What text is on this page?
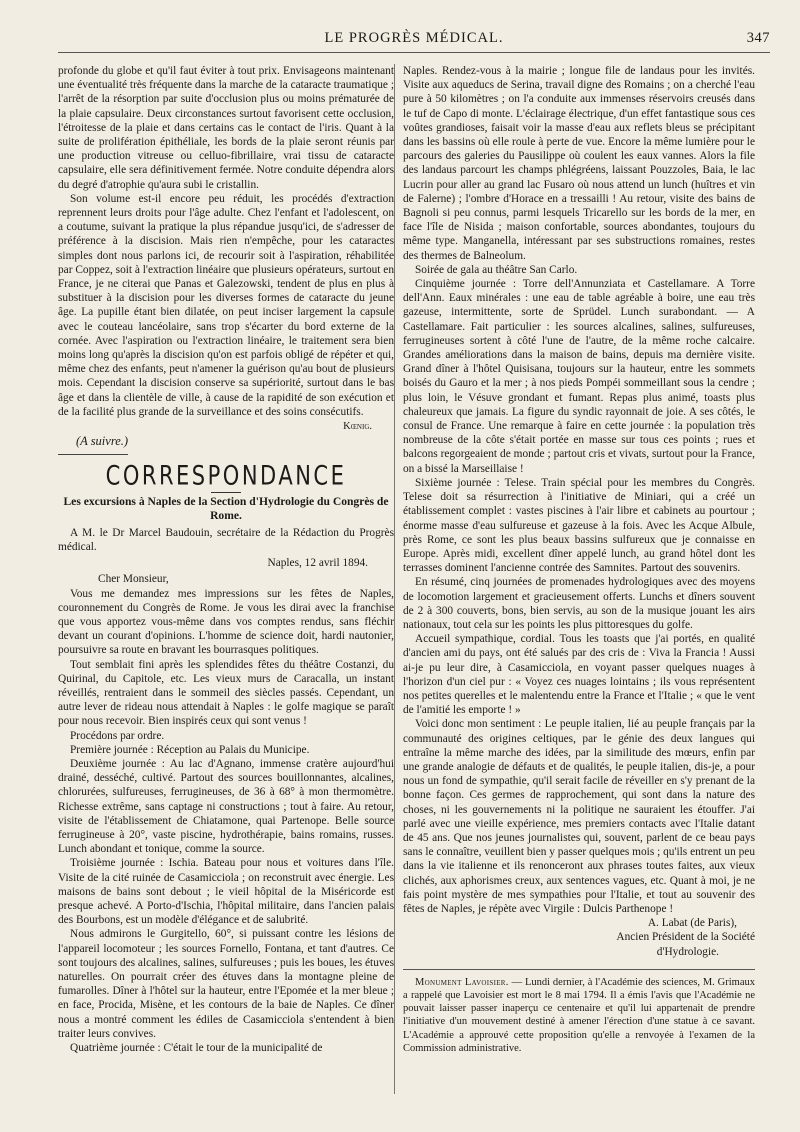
LE PROGRÈS MÉDICAL.	347

profonde du globe et qu'il faut éviter à tout prix. Envisageons maintenant une éventualité très fréquente dans la marche de la cataracte traumatique ; l'arrêt de la résorption par suite d'occlusion plus ou moins prématurée de la plaie capsulaire. Deux circonstances surtout favorisent cette occlusion, l'étroitesse de la plaie et dans certains cas le contact de l'iris. Quant à la suite de prolifération épithéliale, les bords de la plaie seront réunis par une production vitreuse ou celluo-fibrillaire, vrai tissu de cataracte capsulaire, elle sera définitivement fermée. Notre conduite dépendra alors du degré d'atrophie qu'aura subi le cristallin.

Son volume est-il encore peu réduit, les procédés d'extraction reprennent leurs droits pour l'âge adulte. Chez l'enfant et l'adolescent, on a coutume, suivant la pratique la plus répandue jusqu'ici, de s'adresser de préférence à la discision. Mais rien n'empêche, pour les cataractes simples dont nous parlons ici, de recourir soit à l'aspiration, réhabilitée par Coppez, soit à l'extraction linéaire que plusieurs opérateurs, surtout en France, je ne citerai que Panas et Galezowski, tendent de plus en plus à substituer à la discision pour les diverses formes de cataracte du jeune âge. La pupille étant bien dilatée, on peut inciser largement la capsule avec le couteau lancéolaire, sans trop s'écarter du bord externe de la cornée. Avec l'aspiration ou l'extraction linéaire, le traitement sera bien moins long qu'après la discision qu'on est parfois obligé de répéter et qui, même chez des enfants, peut n'amener la guérison qu'au bout de plusieurs mois. Cependant la discision conserve sa supériorité, surtout dans le bas âge et dans la clientèle de ville, à cause de la rapidité de son exécution et de la facilité plus grande de la surveillance et des soins consécutifs.

Kœnig.

(A suivre.)

CORRESPONDANCE
Les excursions à Naples de la Section d'Hydrologie du Congrès de Rome.

A M. le Dr Marcel Baudouin, secrétaire de la Rédaction du Progrès médical.

Naples, 12 avril 1894.

Cher Monsieur,

Vous me demandez mes impressions sur les fêtes de Naples, couronnement du Congrès de Rome. Je vous les dirai avec la franchise que vous apportez vous-même dans vos comptes rendus, sans fléchir devant un courant d'opinions. L'homme de science doit, hardi nautonier, poursuivre sa route en bravant les bourrasques politiques.

Tout semblait fini après les splendides fêtes du théâtre Costanzi, du Quirinal, du Capitole, etc. Les vieux murs de Caracalla, un instant réveillés, rentraient dans le sommeil des siècles passés. Cependant, un autre lever de rideau nous attendait à Naples : le golfe magique se paraît pour nous recevoir. Bien inspirés ceux qui sont venus !

Procédons par ordre.

Première journée : Réception au Palais du Municipe.

Deuxième journée : Au lac d'Agnano, immense cratère aujourd'hui drainé, desséché, cultivé. Partout des sources bouillonnantes, alcalines, chlorurées, sulfureuses, ferrugineuses, de 36 à 68° à mon thermomètre. Richesse extrême, sans captage ni constructions ; tout à faire. Au retour, visite de l'établissement de Chiatamone, quai Partenope. Belle source ferrugineuse à 20°, vaste piscine, hydrothérapie, bains romains, russes. Lunch abondant et tonique, comme la source.

Troisième journée : Ischia. Bateau pour nous et voitures dans l'île. Visite de la cité ruinée de Casamicciola ; on reconstruit avec énergie. Les maisons de bains sont debout ; le vieil hôpital de la Miséricorde est presque achevé. A Porto-d'Ischia, l'hôpital militaire, dans l'ancien palais des Bourbons, est un modèle d'élégance et de salubrité.

Nous admirons le Gurgitello, 60°, si puissant contre les lésions de l'appareil locomoteur ; les sources Fornello, Fontana, et tant d'autres. Ce sont toujours des alcalines, salines, sulfureuses ; puis les boues, les étuves naturelles. On pourrait créer des étuves dans la montagne pleine de fumarolles. Dîner à l'hôtel sur la hauteur, entre l'Epomée et la mer bleue ; en face, Procida, Misène, et les contours de la baie de Naples. Ce dîner nous a montré comment les édiles de Casamicciola s'entendent à bien traiter leurs convives.

Quatrième journée : C'était le tour de la municipalité de

Naples. Rendez-vous à la mairie ; longue file de landaus pour les invités. Visite aux aqueducs de Serina, travail digne des Romains ; on a cherché l'eau pure à 50 kilomètres ; on l'a conduite aux immenses réservoirs creusés dans le tuf de Capo di monte. L'éclairage électrique, d'un effet fantastique sous ces voûtes grandioses, faisait voir la masse d'eau aux reflets bleus se précipitant dans les bassins où elle roule à perte de vue. Encore la même lumière pour le parcours des galeries du Pausilippe où coulent les eaux vannes. Alors la file des landaus parcourt les champs phlégréens, laissant Pouzzoles, Baia, le lac Lucrin pour aller au grand lac Fusaro où nous attend un lunch (huîtres et vin de Falerne) ; l'ombre d'Horace en a tressailli ! Au retour, visite des bains de Bagnoli si peu connus, parmi lesquels Tricarello sur les bords de la mer, en face l'île de Nisida ; maison confortable, sources abondantes, toujours du même type. Manganella, intéressant par ses substructions romaines, restes des thermes de Balneolum.

Soirée de gala au théâtre San Carlo.

Cinquième journée : Torre dell'Annunziata et Castellamare. A Torre dell'Ann. Eaux minérales : une eau de table agréable à boire, une eau très gazeuse, intermittente, sorte de Sprüdel. Lunch surabondant. — A Castellamare. Fait particulier : les sources alcalines, salines, sulfureuses, ferrugineuses sortent à côté l'une de l'autre, de la même roche calcaire. Grandes améliorations dans la maison de bains, depuis ma dernière visite. Grand dîner à l'hôtel Quisisana, toujours sur la hauteur, entre les sommets boisés du Gauro et la mer ; à nos pieds Pompéi sommeillant sous la cendre ; plus loin, le Vésuve grondant et fumant. Repas plus animé, toasts plus chaleureux que jamais. La figure du syndic rayonnait de joie. A ses côtés, le consul de France. Une remarque à faire en cette journée : la population très nombreuse de la côte s'était portée en masse sur tous ces points ; rues et balcons regorgeaient de monde ; partout cris et vivats, surtout pour la France, on a bissé la Marseillaise !

Sixième journée : Telese. Train spécial pour les membres du Congrès. Telese doit sa résurrection à l'initiative de Miniari, qui a créé un établissement complet : vastes piscines à l'air libre et cabinets au pourtour ; énorme masse d'eau sulfureuse et gazeuse à la fois. Avec les Acque Albule, près Rome, ce sont les plus beaux bassins sulfureux que je connaisse en Europe. Après midi, excellent dîner appelé lunch, au grand hôtel dont les terrasses dominent l'ancienne contrée des Samnites. Partout des souvenirs.

En résumé, cinq journées de promenades hydrologiques avec des moyens de locomotion largement et gracieusement offerts. Lunchs et dîners souvent de 2 à 300 couverts, bons, bien servis, au son de la musique jouant les airs nationaux, tout cela sur les points les plus pittoresques du golfe.

Accueil sympathique, cordial. Tous les toasts que j'ai portés, en qualité d'ancien ami du pays, ont été salués par des cris de : Viva la Francia ! Aussi ai-je pu leur dire, à Casamicciola, en voyant passer quelques nuages à l'horizon d'un ciel pur : « Voyez ces nuages lointains ; ils vous représentent nos petites querelles et le malentendu entre la France et l'Italie ; « que le vent de l'amitié les emporte ! »

Voici donc mon sentiment : Le peuple italien, lié au peuple français par la communauté des origines celtiques, par le génie des deux langues qui entraîne la même marche des idées, par la similitude des mœurs, enfin par une grande analogie de défauts et de qualités, le peuple italien, dis-je, a pour nous un fond de sympathie, qu'il serait facile de réveiller en s'y prenant de la bonne façon. Ces germes de rapprochement, qui sont dans la nature des choses, ni les gouvernements ni la politique ne sauraient les étouffer. J'ai parlé avec une vieille expérience, mes premiers contacts avec l'Italie datant de 45 ans. Que nos jeunes journalistes qui, souvent, parlent de ce beau pays sans le connaître, veuillent bien y passer quelques mois ; qu'ils entrent un peu dans la vie italienne et ils renonceront aux phrases toutes faites, aux vieux clichés, aux aphorismes creux, aux sentences vagues, etc. Quant à moi, je ne fais point mystère de mes sympathies pour l'Italie, et tout au souvenir des fêtes de Naples, je répète avec Virgile : Dulcis Parthenope !

A. Labat (de Paris),

Ancien Président de la Société

d'Hydrologie.

Monument Lavoisier. — Lundi dernier, à l'Académie des sciences, M. Grimaux a rappelé que Lavoisier est mort le 8 mai 1794. Il a émis l'avis que l'Académie ne pouvait laisser passer inaperçu ce centenaire et qu'il lui appartenait de prendre l'initiative d'un mouvement destiné à amener l'érection d'une statue à ce savant. L'Académie a approuvé cette proposition qu'elle a renvoyée à l'examen de la Commission administrative.
